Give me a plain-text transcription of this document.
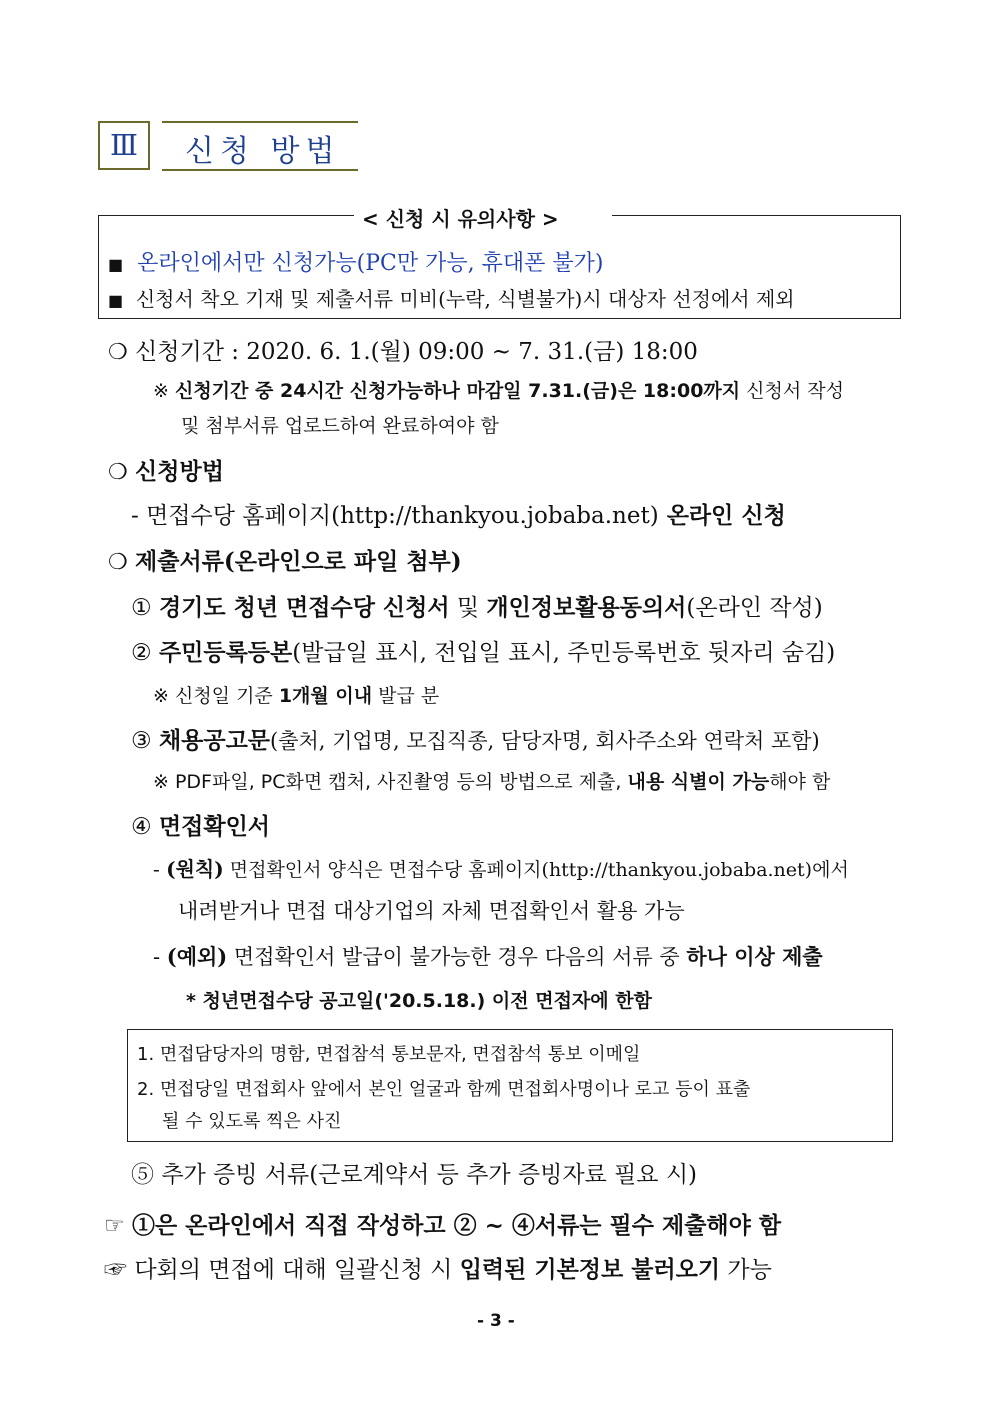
Ⅲ	신청 방법
< 신청 시 유의사항 >
■ 온라인에서만 신청가능(PC만 가능, 휴대폰 불가)
■ 신청서 착오 기재 및 제출서류 미비(누락, 식별불가)시 대상자 선정에서 제외
❍ 신청기간 : 2020. 6. 1.(월) 09:00 ~ 7. 31.(금) 18:00
※ 신청기간 중 24시간 신청가능하나 마감일 7.31.(금)은 18:00까지 신청서 작성
및 첨부서류 업로드하여 완료하여야 함
❍ 신청방법
- 면접수당 홈페이지(http://thankyou.jobaba.net) 온라인 신청
❍ 제출서류(온라인으로 파일 첨부)
① 경기도 청년 면접수당 신청서 및 개인정보활용동의서(온라인 작성)
② 주민등록등본(발급일 표시, 전입일 표시, 주민등록번호 뒷자리 숨김)
※ 신청일 기준 1개월 이내 발급 분
③ 채용공고문(출처, 기업명, 모집직종, 담당자명, 회사주소와 연락처 포함)
※ PDF파일, PC화면 캡처, 사진촬영 등의 방법으로 제출, 내용 식별이 가능해야 함
④ 면접확인서
- (원칙) 면접확인서 양식은 면접수당 홈페이지(http://thankyou.jobaba.net)에서
내려받거나 면접 대상기업의 자체 면접확인서 활용 가능
- (예외) 면접확인서 발급이 불가능한 경우 다음의 서류 중 하나 이상 제출
* 청년면접수당 공고일('20.5.18.) 이전 면접자에 한함
1. 면접담당자의 명함, 면접참석 통보문자, 면접참석 통보 이메일
2. 면접당일 면접회사 앞에서 본인 얼굴과 함께 면접회사명이나 로고 등이 표출
될 수 있도록 찍은 사진
⑤ 추가 증빙 서류(근로계약서 등 추가 증빙자료 필요 시)
☞ ①은 온라인에서 직접 작성하고 ② ~ ④서류는 필수 제출해야 함
☞ 다회의 면접에 대해 일괄신청 시 입력된 기본정보 불러오기 가능
- 3 -
